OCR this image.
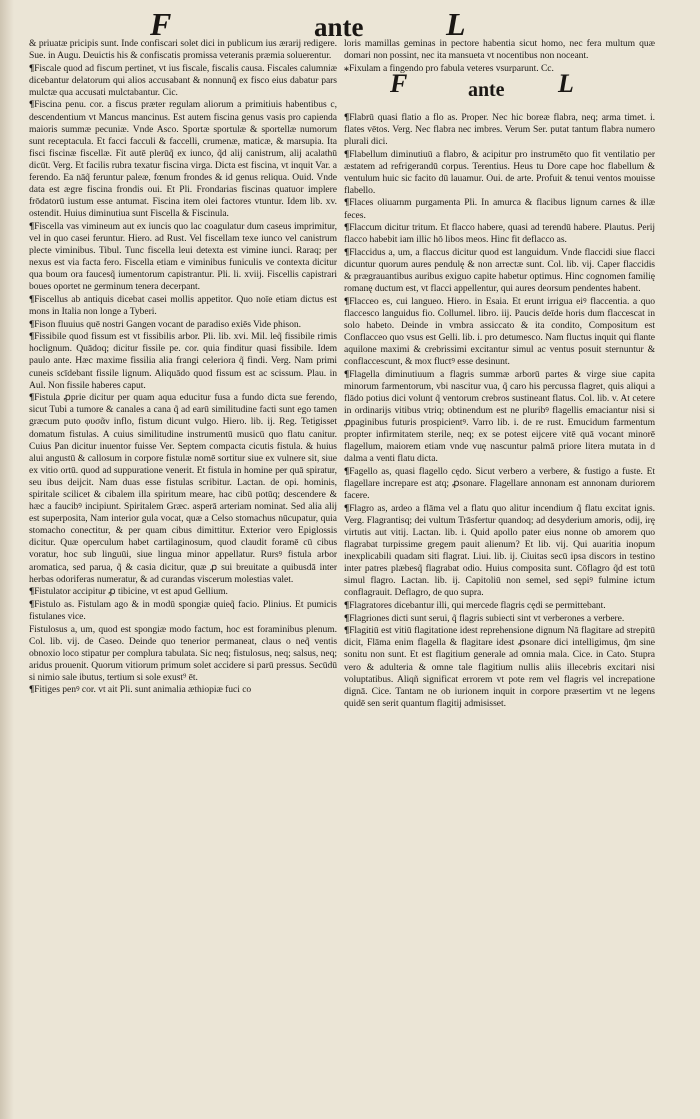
F	ante	L

& priuatæ pricipis sunt. Inde confiscari solet dici in publicum ius ærarij redigere. Sue. in Augu. Deuictis his & confiscatis promissa veteranis præmia soluerentur.

¶Fiscale quod ad fiscum pertinet, vt ius fiscale, fiscalis causa. Fiscales calumniæ dicebantur delatorum qui alios accusabant & nonnunq̃ ex fisco eius dabatur pars mulctæ qua accusati mulctabantur. Cic.

¶Fiscina penu. cor. a fiscus præter regulam aliorum a primitiuis habentibus c, descendentium vt Mancus mancinus. Est autem fiscina genus vasis pro capienda maioris summæ pecuniæ. Vnde Asco. Sportæ sportulæ & sportellæ numorum sunt receptacula. Et facci facculi & faccelli, crumenæ, maticæ, & marsupia. Ita fisci fiscinæ fiscellæ. Fit autē plerūq̃ ex iunco, q̃d alij canistrum, alij acalathū dicūt. Verg. Et facilis rubra texatur fiscina virga. Dicta est fiscina, vt inquit Var. a ferendo. Ea nāq̃ feruntur paleæ, fœnum frondes & id genus reliqua. Ouid. Vnde data est ægre fiscina frondis oui. Et Pli. Frondarias fiscinas quatuor implere frōdatorū iustum esse antumat. Fiscina item olei factores vtuntur. Idem lib. xv. ostendit. Huius diminutiua sunt Fiscella & Fiscinula.

¶Fiscella vas vimineum aut ex iuncis quo lac coagulatur dum caseus imprimitur, vel in quo casei feruntur. Hiero. ad Rust. Vel fiscellam texe iunco vel canistrum plecte viminibus. Tibul. Tunc fiscella leui detexta est vimine iunci. Raraq; per nexus est via facta fero. Fiscella etiam e viminibus funiculis ve contexta dicitur qua boum ora faucesq̃ iumentorum capistrantur. Pli. li. xviij. Fiscellis capistrari boues oportet ne germinum tenera decerpant.

¶Fiscellus ab antiquis dicebat casei mollis appetitor. Quo noīe etiam dictus est mons in Italia non longe a Tyberi.

¶Fison fluuius quē nostri Gangen vocant de paradiso exiēs Vide phison.

¶Fissibile quod fissum est vt fissibilis arbor. Pli. lib. xvi. Mil. leq̃ fissibile rimis hoclignum. Quādoq; dicitur fissile pe. cor. quia finditur quasi fissibile. Idem paulo ante. Hæc maxime fissilia alia frangi celeriora q̃ findi. Verg. Nam primi cuneis scīdebant fissile lignum. Aliquādo quod fissum est ac scissum. Plau. in Aul. Non fissile haberes caput.

¶Fistula ꝓprie dicitur per quam aqua educitur fusa a fundo dicta sue ferendo, sicut Tubi a tumore & canales a cana q̃ ad earū similitudine facti sunt ego tamen græcum puto φυσᾶν inflo, fistum dicunt vulgo. Hiero. lib. ij. Reg. Tetigisset domatum fistulas. A cuius similitudine instrumentū musicū quo flatu canitur. Cuius Pan dicitur inuentor fuisse Ver. Septem compacta cicutis fistula. & huius alui angustū & callosum in corpore fistulæ nomē sortitur siue ex vulnere sit, siue ex vitio ortū. quod ad suppuratione venerit. Et fistula in homine per quā spiratur, seu ibus deijcit. Nam duas esse fistulas scribitur. Lactan. de opi. hominis, spiritale scilicet & cibalem illa spiritum meare, hac cibū potūq; descendere & hæc a faucibꝰ incipiunt. Spiritalem Græc. asperā arteriam nominat. Sed alia alij est superposita, Nam interior gula vocat, quæ a Celso stomachus nūcupatur, quia stomacho conectitur, & per quam cibus dimittitur. Exterior vero Epiglossis dicitur. Quæ operculum habet cartilaginosum, quod claudit foramē cū cibus voratur, hoc sub linguūi, siue lingua minor appellatur. Rursꝰ fistula arbor aromatica, sed parua, q̃ & casia dicitur, quæ ꝓ sui breuitate a quibusdā inter herbas odoriferas numeratur, & ad curandas viscerum molestias valet.

¶Fistulator accipitur ꝓ tibicine, vt est apud Gellium.

¶Fistulo as. Fistulam ago & in modū spongiæ quieq̃ facio. Plinius. Et pumicis fistulanes vice.

Fistulosus a, um, quod est spongiæ modo factum, hoc est foraminibus plenum. Col. lib. vij. de Caseo. Deinde quo tenerior permaneat, claus o neq̃ ventis obnoxio loco stipatur per complura tabulata. Sic neq; fistulosus, neq; salsus, neq; aridus prouenit. Quorum vitiorum primum solet accidere si parū pressus. Secūdū si nimio sale ibutus, tertium si sole exust⁹ ēt.

¶Fitiges penꝰ cor. vt ait Pli. sunt animalia æthiopiæ fuci co

loris mamillas geminas in pectore habentia sicut homo, nec fera multum quæ domari non possint, nec ita mansueta vt nocentibus non noceant.

⁎Fixulam a fingendo pro fabula veteres vsurparunt. Cc.

F	ante L

¶Flabrū quasi flatio a flo as. Proper. Nec hic boreæ flabra, neq; arma timet. i. flates vētos. Verg. Nec flabra nec imbres. Verum Ser. putat tantum flabra numero plurali dici.

¶Flabellum diminutiuū a flabro, & acipitur pro instrumēto quo fit ventilatio per æstatem ad refrigerandū corpus. Terentius. Heus tu Dore cape hoc flabellum & ventulum huic sic facito dū lauamur. Oui. de arte. Profuit & tenui ventos mouisse flabello.

¶Flaces oliuarnm purgamenta Pli. In amurca & flacibus lignum carnes & illæ feces.

¶Flaccum dicitur tritum. Et flacco habere, quasi ad terendū habere. Plautus. Perij flacco habebit iam illic hō libos meos. Hinc fit deflacco as.

¶Flaccidus a, um, a flaccus dicitur quod est languidum. Vnde flaccidi siue flacci dicuntur quorum aures pendulę & non arrectæ sunt. Col. lib. vij. Caper flaccidis & prægrauantibus auribus exiguo capite habetur optimus. Hinc cognomen familię romanę ductum est, vt flacci appellentur, qui aures deorsum pendentes habent.

¶Flacceo es, cui langueo. Hiero. in Esaia. Et erunt irrigua eiꝰ flaccentia. a quo flaccesco languidus fio. Collumel. libro. iij. Paucis deīde horis dum flaccescat in solo habeto. Deinde in vmbra assiccato & ita condito, Compositum est Conflacceo quo vsus est Gelli. lib. i. pro detumesco. Nam fluctus inquit qui flante aquilone maximi & crebrissimi excitantur simul ac ventus posuit sternuntur & conflaccescunt, & mox fluctꝰ esse desinunt.

¶Flagella diminutiuum a flagris summæ arborū partes & virge siue capita minorum farmentorum, vbi nascitur vua, q̃ caro his percussa flagret, quis aliqui a flādo potius dici volunt q̃ ventorum crebros sustineant flatus. Col. lib. v. At cetere in ordinarijs vitibus vtriq; obtinendum est ne pluribꝰ flagellis emaciantur nisi si ꝓpaginibus futuris prospicientꝰ. Varro lib. i. de re rust. Emucidum farmentum propter infirmitatem sterile, neq; ex se potest eijcere vitē quā vocant minorē flagellum, maiorem etiam vnde vuę nascuntur palmā priore litera mutata in d dalma a venti flatu dicta.

¶Fagello as, quasi flagello cędo. Sicut verbero a verbere, & fustigo a fuste. Et flagellare increpare est atq; ꝓsonare. Flagellare annonam est annonam duriorem facere.

¶Flagro as, ardeo a flāma vel a flatu quo alitur incendium q̃ flatu excitat ignis. Verg. Flagrantisq; dei vultum Trāsfertur quandoq; ad desyderium amoris, odij, irę virtutis aut vitij. Lactan. lib. i. Quid apollo pater eius nonne ob amorem quo flagrabat turpissime gregem pauit alienum? Et lib. vij. Qui auaritia inopum inexplicabili quadam siti flagrat. Liui. lib. ij. Ciuitas secū ipsa discors in testino inter patres plæbesq̃ flagrabat odio. Huius composita sunt. Cōflagro q̃d est totū simul flagro. Lactan. lib. ij. Capitoliū non semel, sed sępiꝰ fulmine ictum conflagrauit. Deflagro, de quo supra.

¶Flagratores dicebantur illi, qui mercede flagris cędi se permittebant.

¶Flagriones dicti sunt serui, q̃ flagris subiecti sint vt verberones a verbere.

¶Flagitiū est vitiū flagitatione idest reprehensione dignum Nā flagitare ad strepitū dicit, Flāma enim flagella & flagitare idest ꝓsonare dici intelligimus, q̃m sine sonitu non sunt. Et est flagitium generale ad omnia mala. Cice. in Cato. Stupra vero & adulteria & omne tale flagitium nullis aliis illecebris excitari nisi voluptatibus. Aliqñ significat errorem vt pote rem vel flagris vel increpatione dignā. Cice. Tantam ne ob iurionem inquit in corpore præsertim vt ne legens quidē sen serit quantum flagitij admisisset.
